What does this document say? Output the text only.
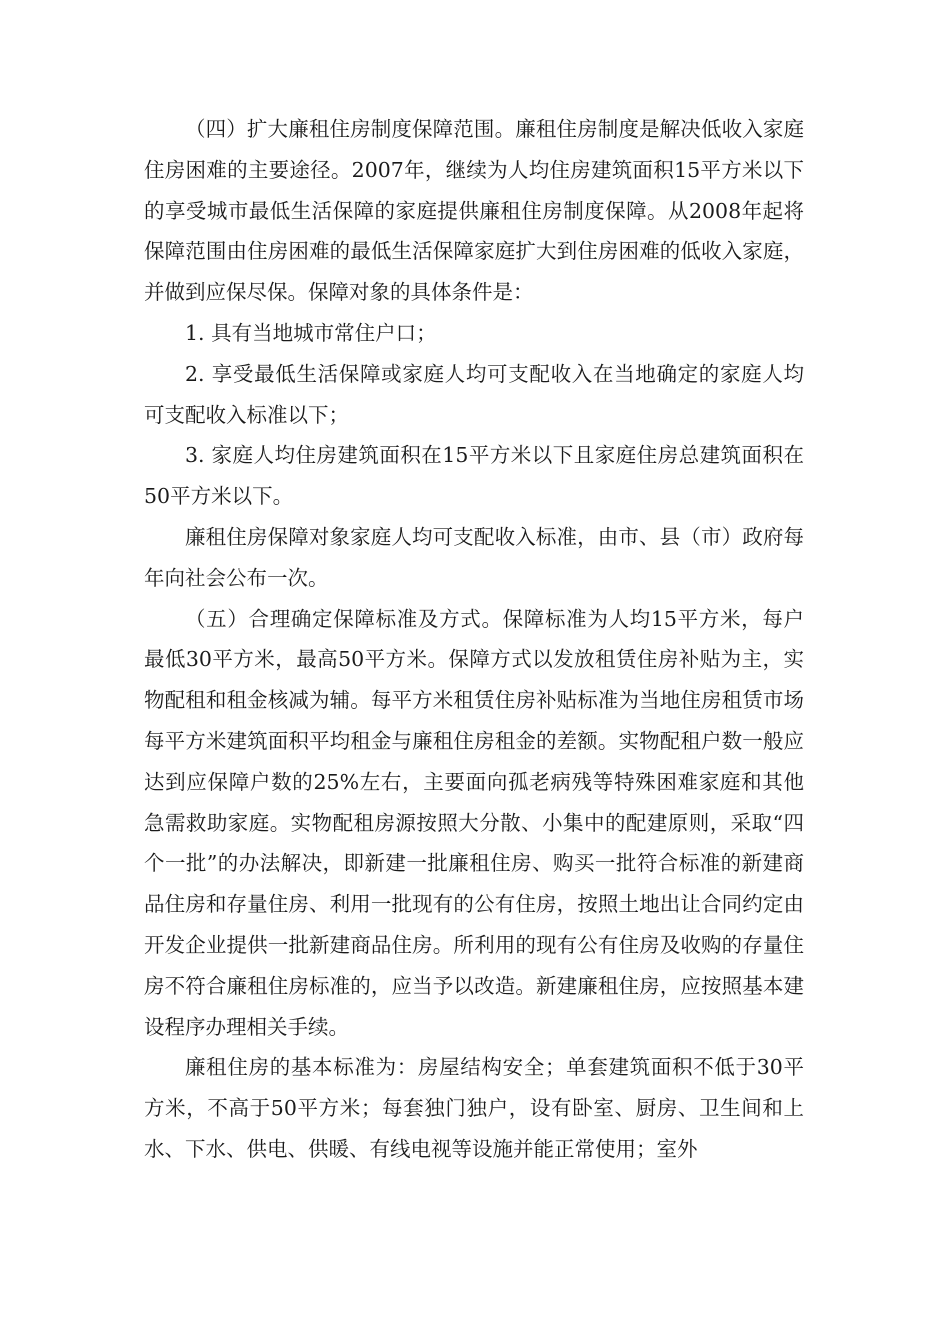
（四）扩大廉租住房制度保障范围。廉租住房制度是解决低收入家庭住房困难的主要途径。2007年，继续为人均住房建筑面积15平方米以下的享受城市最低生活保障的家庭提供廉租住房制度保障。从2008年起将保障范围由住房困难的最低生活保障家庭扩大到住房困难的低收入家庭，并做到应保尽保。保障对象的具体条件是：

1. 具有当地城市常住户口；

2. 享受最低生活保障或家庭人均可支配收入在当地确定的家庭人均可支配收入标准以下；

3. 家庭人均住房建筑面积在15平方米以下且家庭住房总建筑面积在50平方米以下。

廉租住房保障对象家庭人均可支配收入标准，由市、县（市）政府每年向社会公布一次。

（五）合理确定保障标准及方式。保障标准为人均15平方米，每户最低30平方米，最高50平方米。保障方式以发放租赁住房补贴为主，实物配租和租金核减为辅。每平方米租赁住房补贴标准为当地住房租赁市场每平方米建筑面积平均租金与廉租住房租金的差额。实物配租户数一般应达到应保障户数的25%左右，主要面向孤老病残等特殊困难家庭和其他急需救助家庭。实物配租房源按照大分散、小集中的配建原则，采取“四个一批”的办法解决，即新建一批廉租住房、购买一批符合标准的新建商品住房和存量住房、利用一批现有的公有住房，按照土地出让合同约定由开发企业提供一批新建商品住房。所利用的现有公有住房及收购的存量住房不符合廉租住房标准的，应当予以改造。新建廉租住房，应按照基本建设程序办理相关手续。

廉租住房的基本标准为：房屋结构安全；单套建筑面积不低于30平方米，不高于50平方米；每套独门独户，设有卧室、厨房、卫生间和上水、下水、供电、供暖、有线电视等设施并能正常使用；室外
